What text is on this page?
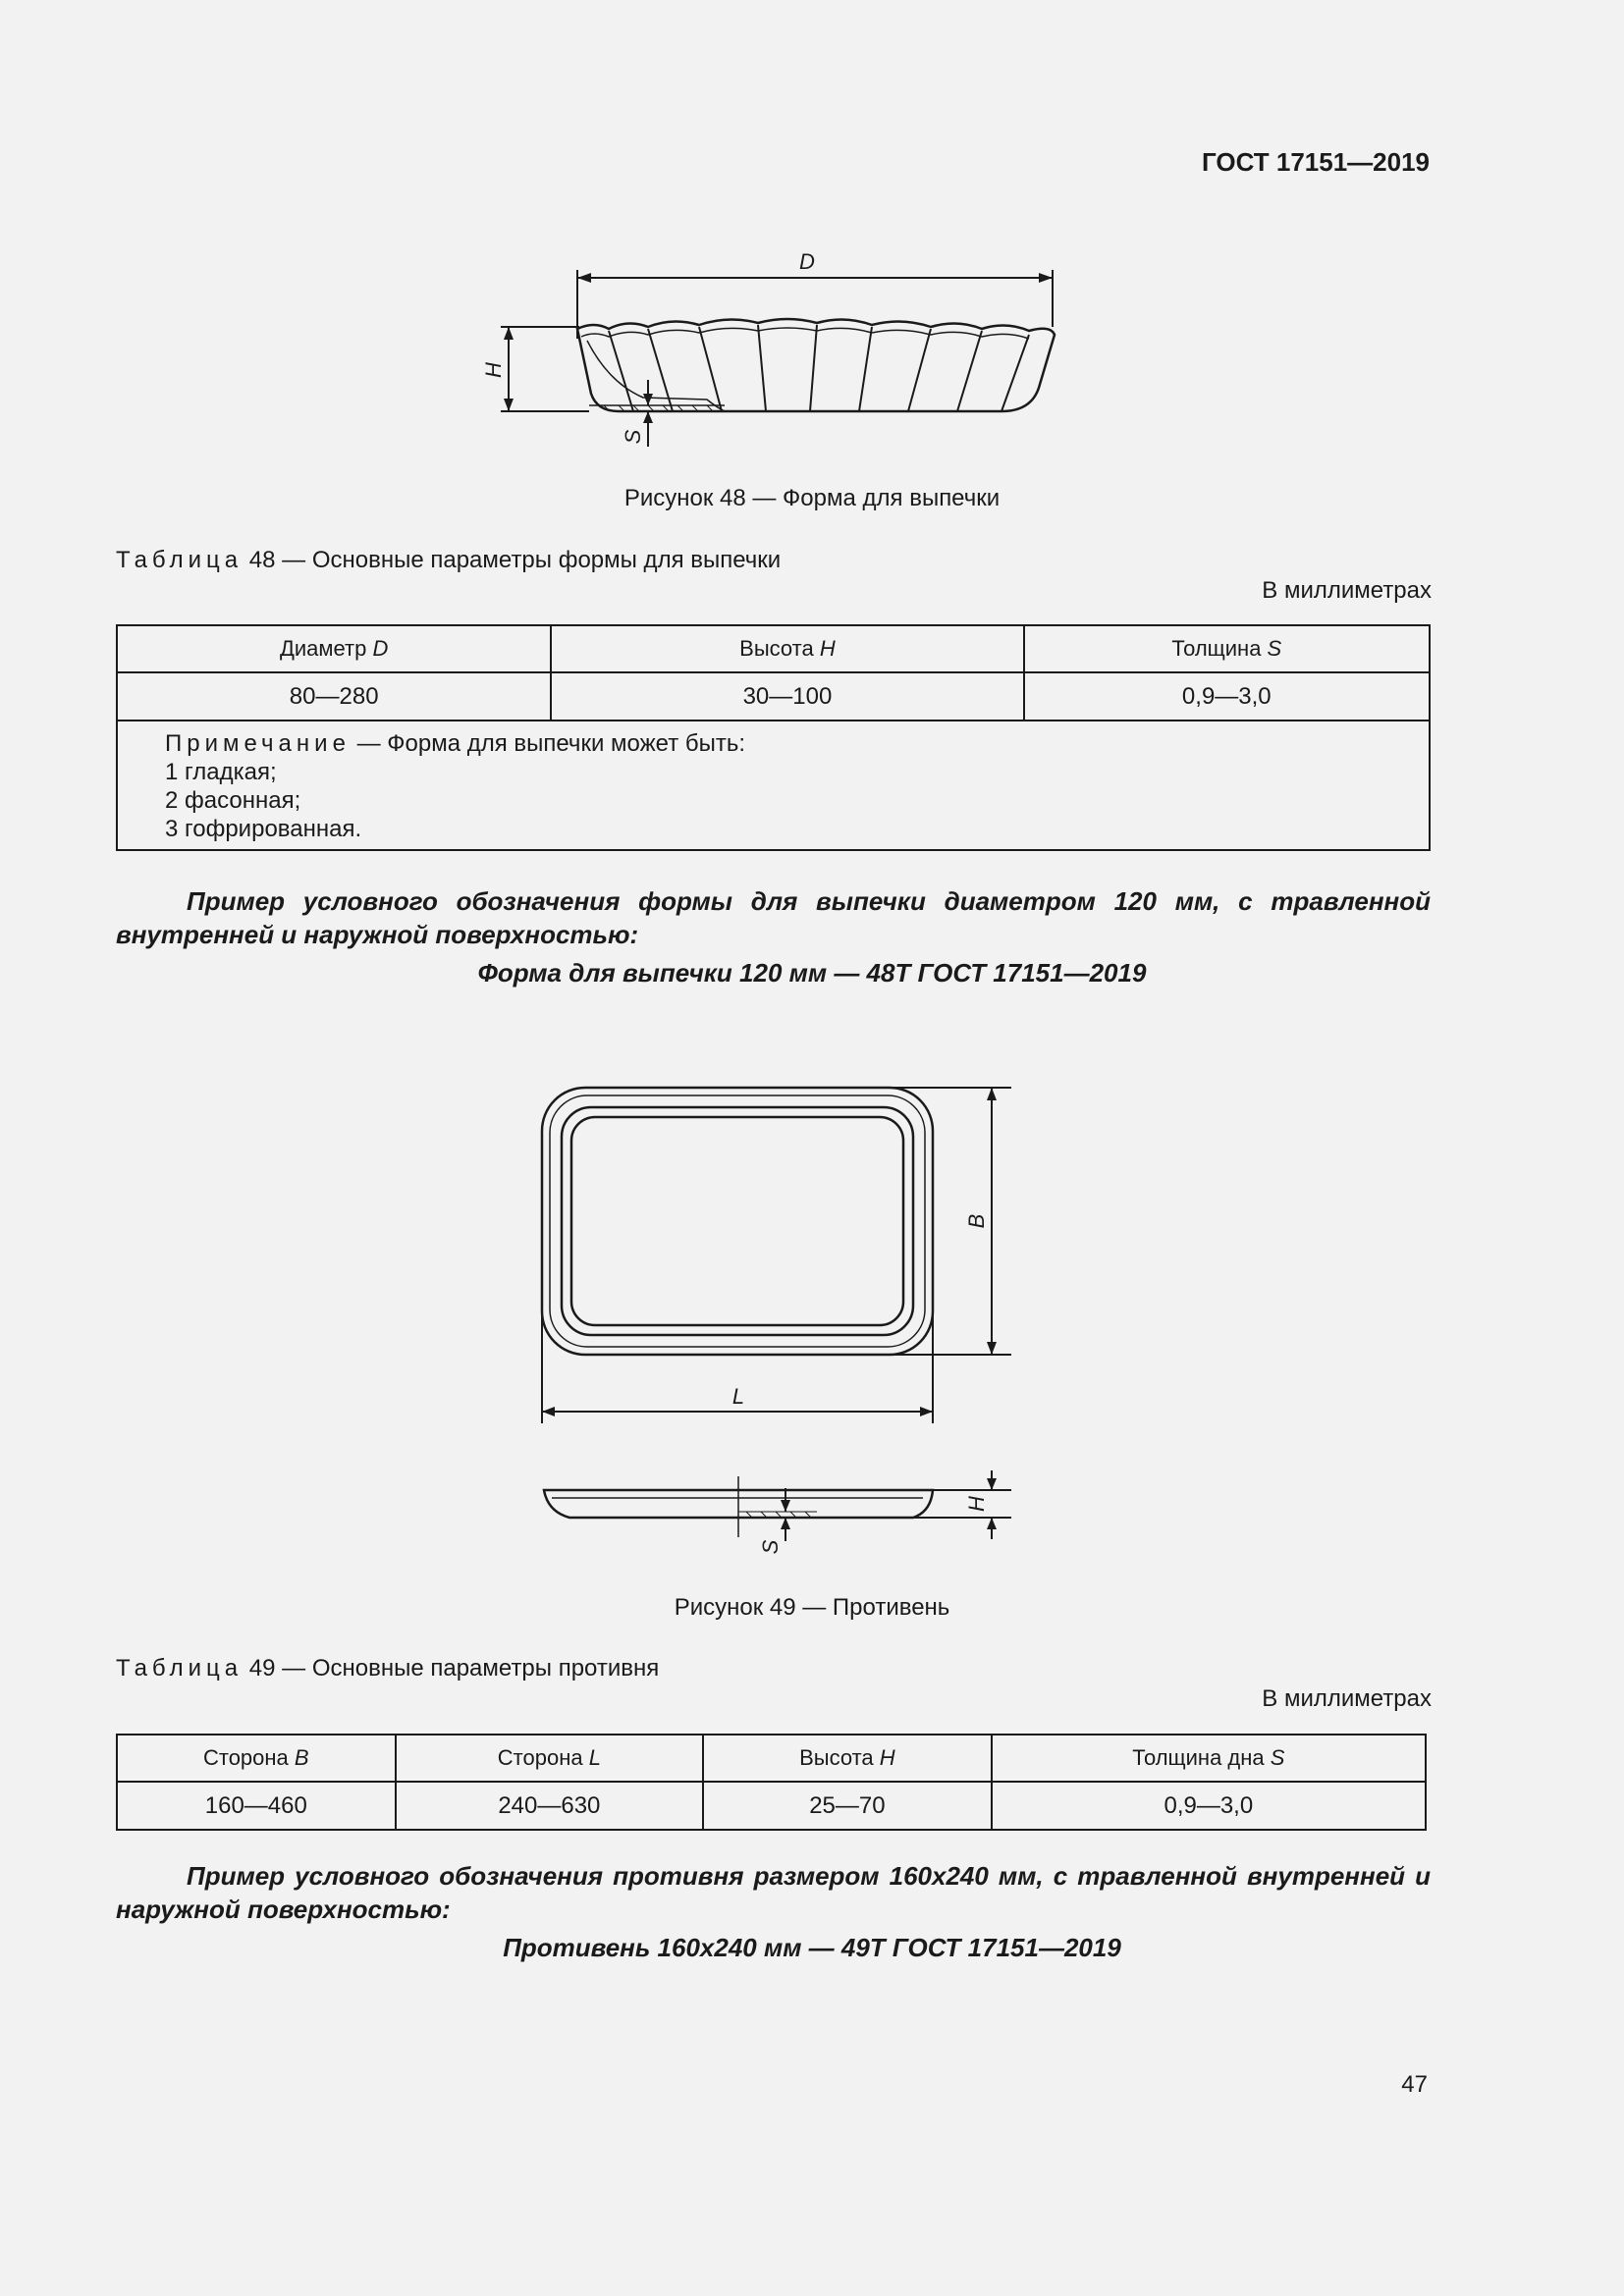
ГОСТ 17151—2019
D
H
S
Рисунок 48 — Форма для выпечки
Таблица 48 — Основные параметры формы для выпечки
В миллиметрах
Диаметр D	Высота H	Толщина S
80—280	30—100	0,9—3,0

Примечание — Форма для выпечки может быть:
1 гладкая;
2 фасонная;
3 гофрированная.		
Пример условного обозначения формы для выпечки диаметром 120 мм, с травленной внутренней и наружной поверхностью:
Форма для выпечки 120 мм — 48Т ГОСТ 17151—2019
B
L
S
H
Рисунок 49 — Противень
Таблица 49 — Основные параметры противня
В миллиметрах
Сторона B	Сторона L	Высота H	Толщина дна S
160—460	240—630	25—70	0,9—3,0
Пример условного обозначения противня размером 160x240 мм, с травленной внутренней и наружной поверхностью:
Противень 160x240 мм — 49Т ГОСТ 17151—2019
47
